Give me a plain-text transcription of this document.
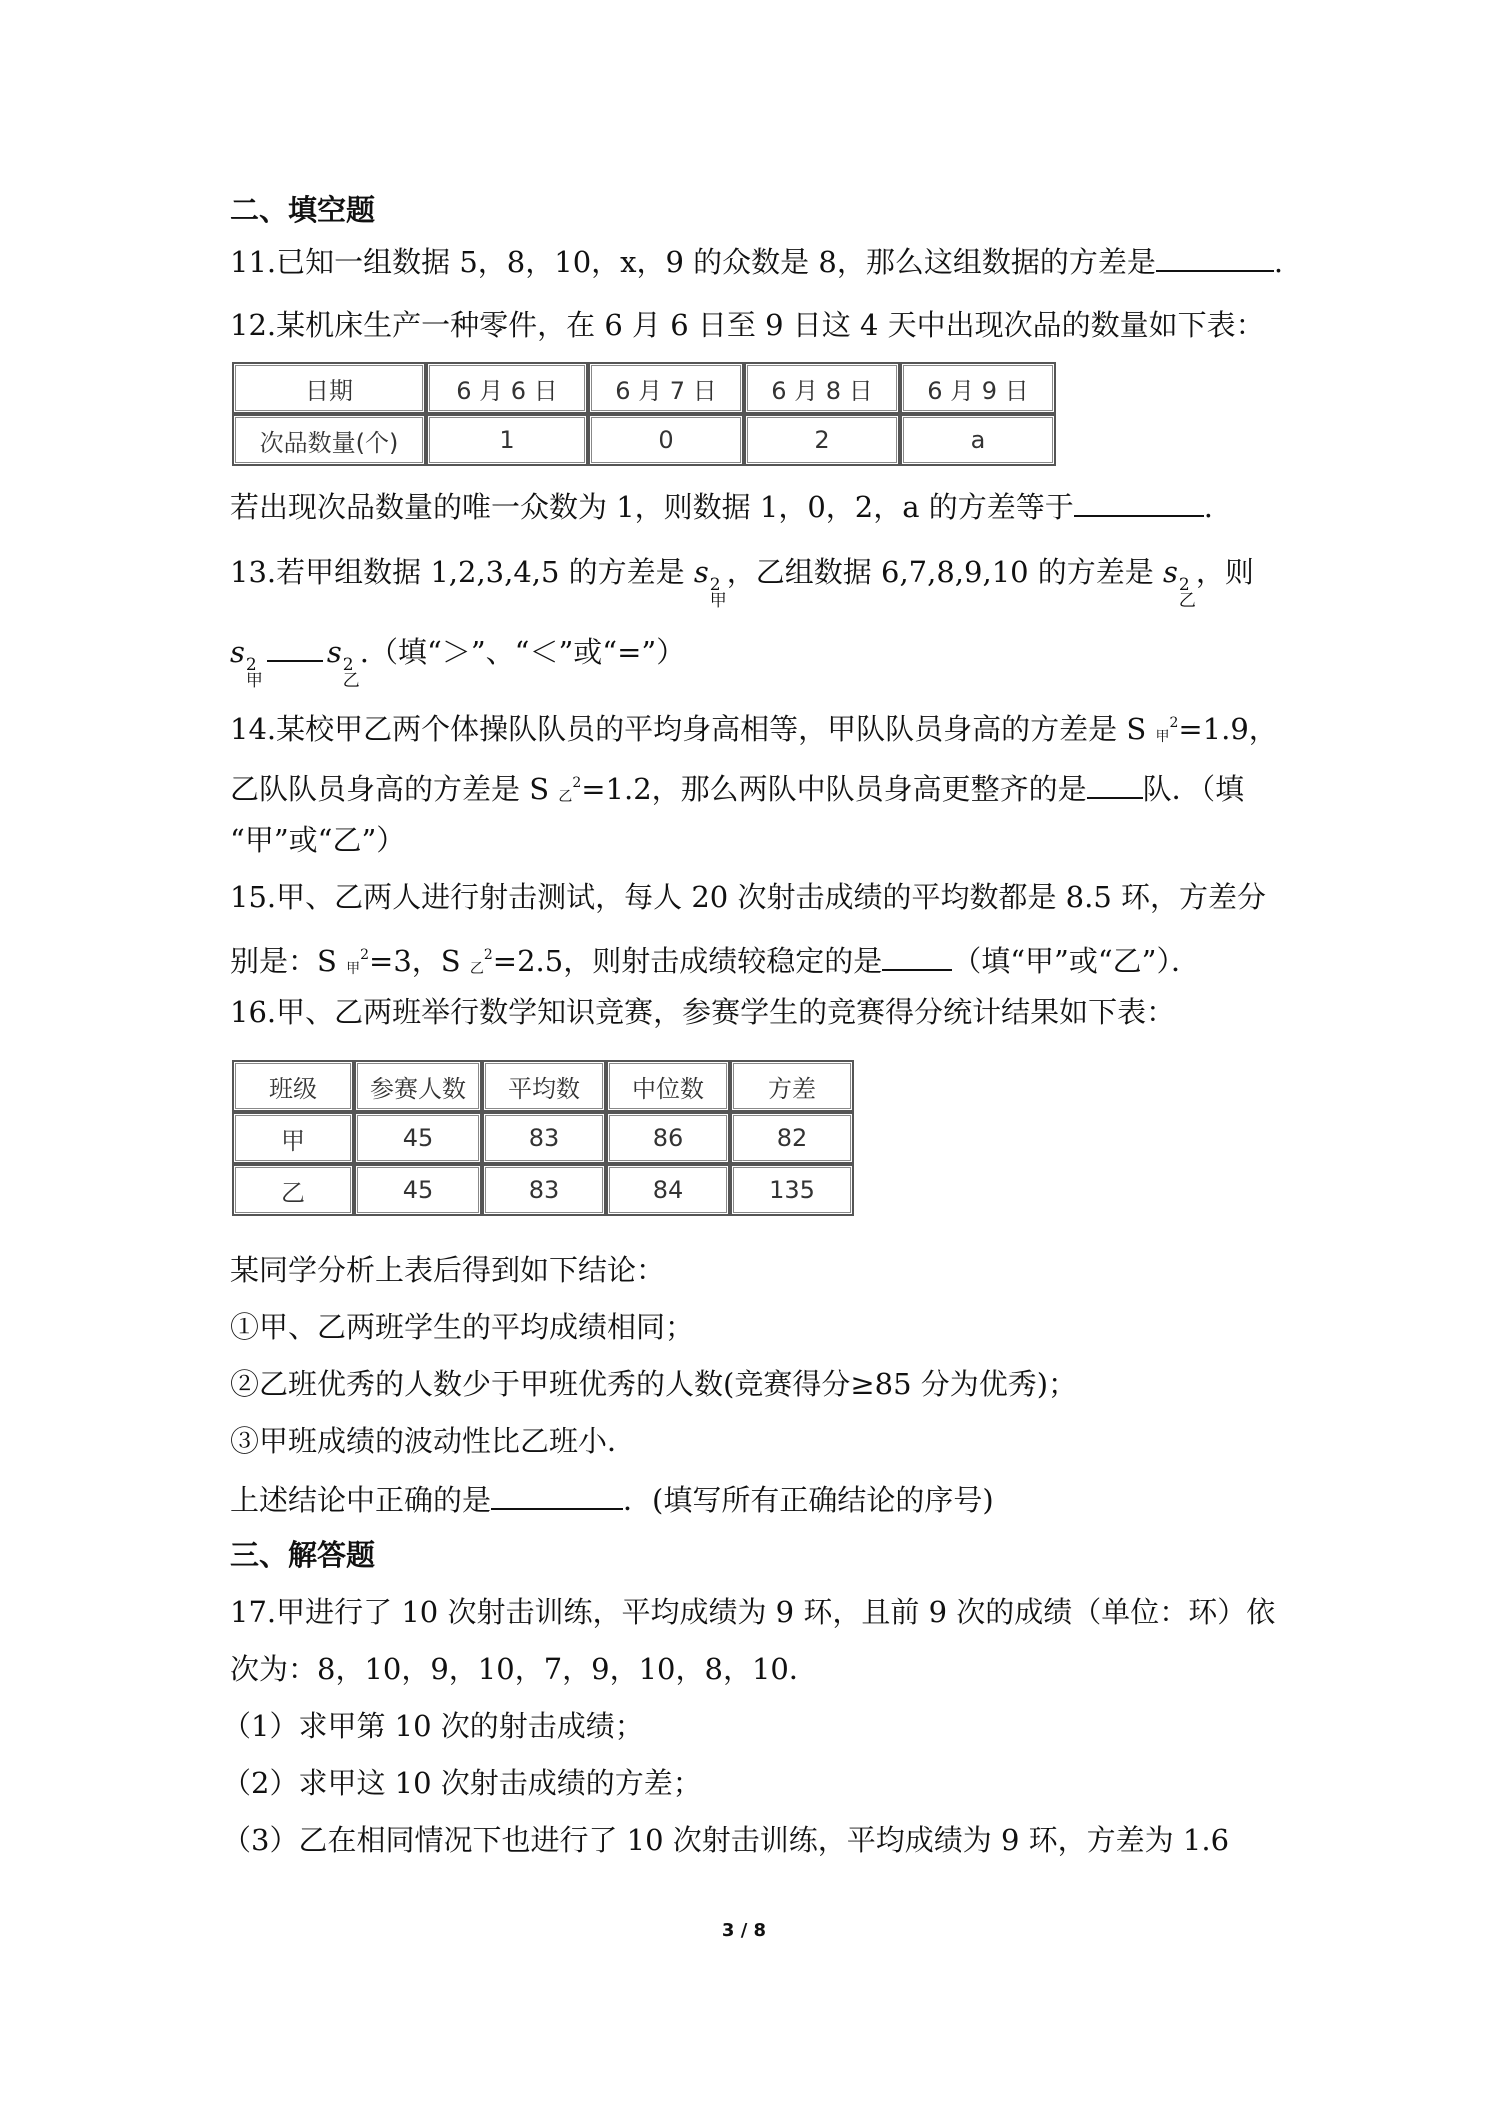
二、填空题
11.已知一组数据 5，8，10，x，9 的众数是 8，那么这组数据的方差是	.
12.某机床生产一种零件，在 6 月 6 日至 9 日这 4 天中出现次品的数量如下表：
日期	6 月 6 日	6 月 7 日	6 月 8 日	6 月 9 日
次品数量(个)	1	0	2	a
若出现次品数量的唯一众数为 1，则数据 1，0，2，a 的方差等于	.
13.若甲组数据 1,2,3,4,5 的方差是 s 2
甲
，乙组数据 6,7,8,9,10 的方差是 s 2
乙
，则
s 2
甲
s 2
乙
.（填“＞”、“＜”或“=”）
14.某校甲乙两个体操队队员的平均身高相等，甲队队员身高的方差是 S 甲$^2$=1.9，
乙队队员身高的方差是 S 乙$^2$=1.2，那么两队中队员身高更整齐的是 队．（填
“甲”或“乙”）
15.甲、乙两人进行射击测试，每人 20 次射击成绩的平均数都是 8.5 环，方差分
别是：S 甲$^2$=3，S 乙$^2$=2.5，则射击成绩较稳定的是 （填“甲”或“乙”）．
16.甲、乙两班举行数学知识竞赛，参赛学生的竞赛得分统计结果如下表：
班级	参赛人数	平均数	中位数	方差
甲	45	83	86	82
乙	45	83	84	135
某同学分析上表后得到如下结论：
①甲、乙两班学生的平均成绩相同；
②乙班优秀的人数少于甲班优秀的人数(竞赛得分≥85 分为优秀)；
③甲班成绩的波动性比乙班小．
上述结论中正确的是	．(填写所有正确结论的序号)
三、解答题
17.甲进行了 10 次射击训练，平均成绩为 9 环，且前 9 次的成绩（单位：环）依
次为：8，10，9，10，7，9，10，8，10．
（1）求甲第 10 次的射击成绩；
（2）求甲这 10 次射击成绩的方差；
（3）乙在相同情况下也进行了 10 次射击训练，平均成绩为 9 环，方差为 1.6
3 / 8
